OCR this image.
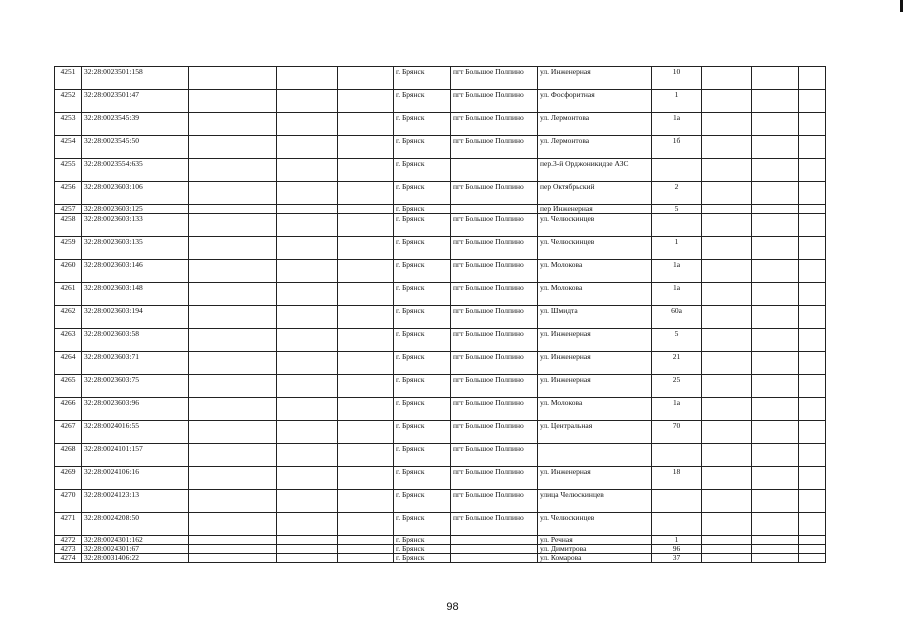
4251	32:28:0023501:158				г. Брянск	пгт Большое Полпино	ул. Инженерная	10			
4252	32:28:0023501:47				г. Брянск	пгт Большое Полпино	ул. Фосфоритная	1			
4253	32:28:0023545:39				г. Брянск	пгт Большое Полпино	ул. Лермонтова	1а			
4254	32:28:0023545:50				г. Брянск	пгт Большое Полпино	ул. Лермонтова	1б			
4255	32:28:0023554:635				г. Брянск		пер.3-й Орджоникидзе АЗС				
4256	32:28:0023603:106				г. Брянск	пгт Большое Полпино	пер Октябрьский	2			
4257	32:28:0023603:125				г. Брянск		пер Инженерная	5			
4258	32:28:0023603:133				г. Брянск	пгт Большое Полпино	ул. Челюскинцев				
4259	32:28:0023603:135				г. Брянск	пгт Большое Полпино	ул. Челюскинцев	1			
4260	32:28:0023603:146				г. Брянск	пгт Большое Полпино	ул. Молокова	1а			
4261	32:28:0023603:148				г. Брянск	пгт Большое Полпино	ул. Молокова	1а			
4262	32:28:0023603:194				г. Брянск	пгт Большое Полпино	ул. Шмидта	60а			
4263	32:28:0023603:58				г. Брянск	пгт Большое Полпино	ул. Инженерная	5			
4264	32:28:0023603:71				г. Брянск	пгт Большое Полпино	ул. Инженерная	21			
4265	32:28:0023603:75				г. Брянск	пгт Большое Полпино	ул. Инженерная	25			
4266	32:28:0023603:96				г. Брянск	пгт Большое Полпино	ул. Молокова	1а			
4267	32:28:0024016:55				г. Брянск	пгт Большое Полпино	ул. Центральная	70			
4268	32:28:0024101:157				г. Брянск	пгт Большое Полпино					
4269	32:28:0024106:16				г. Брянск	пгт Большое Полпино	ул. Инженерная	18			
4270	32:28:0024123:13				г. Брянск	пгт Большое Полпино	улица Челюскинцев				
4271	32:28:0024208:50				г. Брянск	пгт Большое Полпино	ул. Челюскинцев				
4272	32:28:0024301:162				г. Брянск		ул. Речная	1			
4273	32:28:0024301:67				г. Брянск		ул. Димитрова	96			
4274	32:28:0031406:22				г. Брянск		ул. Комарова	37			
98
